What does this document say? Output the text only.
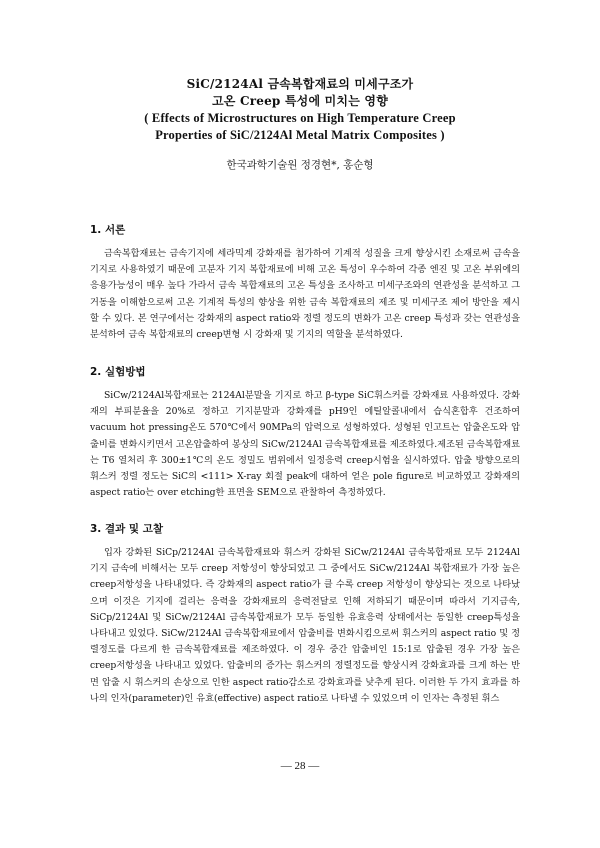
SiC/2124Al 금속복합재료의 미세구조가
고온 Creep 특성에 미치는 영향
( Effects of Microstructures on High Temperature Creep
Properties of SiC/2124Al Metal Matrix Composites )
한국과학기술원 정경현*, 홍순형
1. 서론

금속복합재료는 금속기지에 세라믹계 강화재를 첨가하여 기계적 성질을 크게 향상시킨 소재로써 금속을 기지로 사용하였기 때문에 고분자 기지 복합재료에 비해 고온 특성이 우수하여 각종 엔진 및 고온 부위에의 응용가능성이 매우 높다 가라서 금속 복합재료의 고온 특성을 조사하고 미세구조와의 연관성을 분석하고 그 거동을 이해함으로써 고온 기계적 특성의 향상을 위한 금속 복합재료의 제조 및 미세구조 제어 방안을 제시할 수 있다. 본 연구에서는 강화재의 aspect ratio와 정렬 정도의 변화가 고온 creep 특성과 갖는 연관성을 분석하여 금속 복합재료의 creep변형 시 강화재 및 기지의 역할을 분석하였다.

2. 실험방법

SiCw/2124Al복합재료는 2124Al분말을 기지로 하고 β-type SiC휘스커를 강화재료 사용하였다. 강화재의 부피분율을 20%로 정하고 기지분말과 강화재를 pH9인 에틸알콜내에서 습식혼합후 건조하여 vacuum hot pressing온도 570℃에서 90MPa의 압력으로 성형하였다. 성형된 인고트는 압출온도와 압출비를 변화시키면서 고온압출하여 봉상의 SiCw/2124Al 금속복합재료를 제조하였다.제조된 금속복합재료는 T6 열처리 후 300±1℃의 온도 정밀도 범위에서 일정응력 creep시험을 실시하였다. 압출 방향으로의 휘스커 정렬 정도는 SiC의 <111> X-ray 회절 peak에 대하여 얻은 pole figure로 비교하였고 강화재의 aspect ratio는 over etching한 표면을 SEM으로 관찰하여 측정하였다.

3. 결과 및 고찰

입자 강화된 SiCp/2124Al 금속복합재료와 휘스커 강화된 SiCw/2124Al 금속복합재료 모두 2124Al 기지 금속에 비해서는 모두 creep 저항성이 향상되었고 그 중에서도 SiCw/2124Al 복합재료가 가장 높은 creep저항성을 나타내었다. 즉 강화재의 aspect ratio가 클 수록 creep 저항성이 향상되는 것으로 나타났으며 이것은 기지에 걸리는 응력을 강화재료의 응력전달로 인해 저하되기 때문이며 따라서 기지금속, SiCp/2124Al 및 SiCw/2124Al 금속복합재료가 모두 동일한 유효응력 상태에서는 동일한 creep특성을 나타내고 있었다. SiCw/2124Al 금속복합재료에서 압출비를 변화시킴으로써 휘스커의 aspect ratio 및 정렬정도를 다르게 한 금속복합재료를 제조하였다. 이 경우 중간 압출비인 15:1로 압출된 경우 가장 높은 creep저항성을 나타내고 있었다. 압출비의 증가는 휘스커의 정렬정도를 향상시켜 강화효과를 크게 하는 반면 압출 시 휘스커의 손상으로 인한 aspect ratio감소로 강화효과를 낮추게 된다. 이러한 두 가지 효과를 하나의 인자(parameter)인 유효(effective) aspect ratio로 나타낼 수 있었으며 이 인자는 측정된 휘스

— 28 —
